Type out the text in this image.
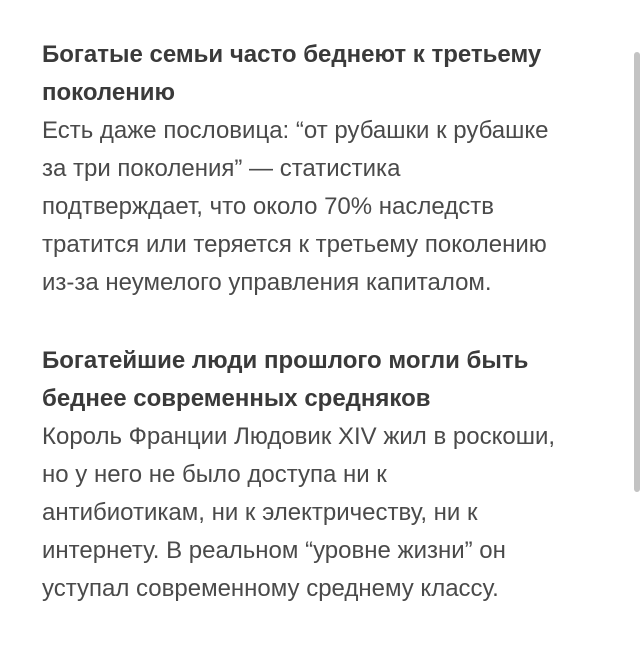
Богатые семьи часто беднеют к третьему
поколению

Есть даже пословица: “от рубашки к рубашке
за три поколения” — статистика
подтверждает, что около 70% наследств
тратится или теряется к третьему поколению
из-за неумелого управления капиталом.

Богатейшие люди прошлого могли быть
беднее современных средняков

Король Франции Людовик XIV жил в роскоши,
но у него не было доступа ни к
антибиотикам, ни к электричеству, ни к
интернету. В реальном “уровне жизни” он
уступал современному среднему классу.
